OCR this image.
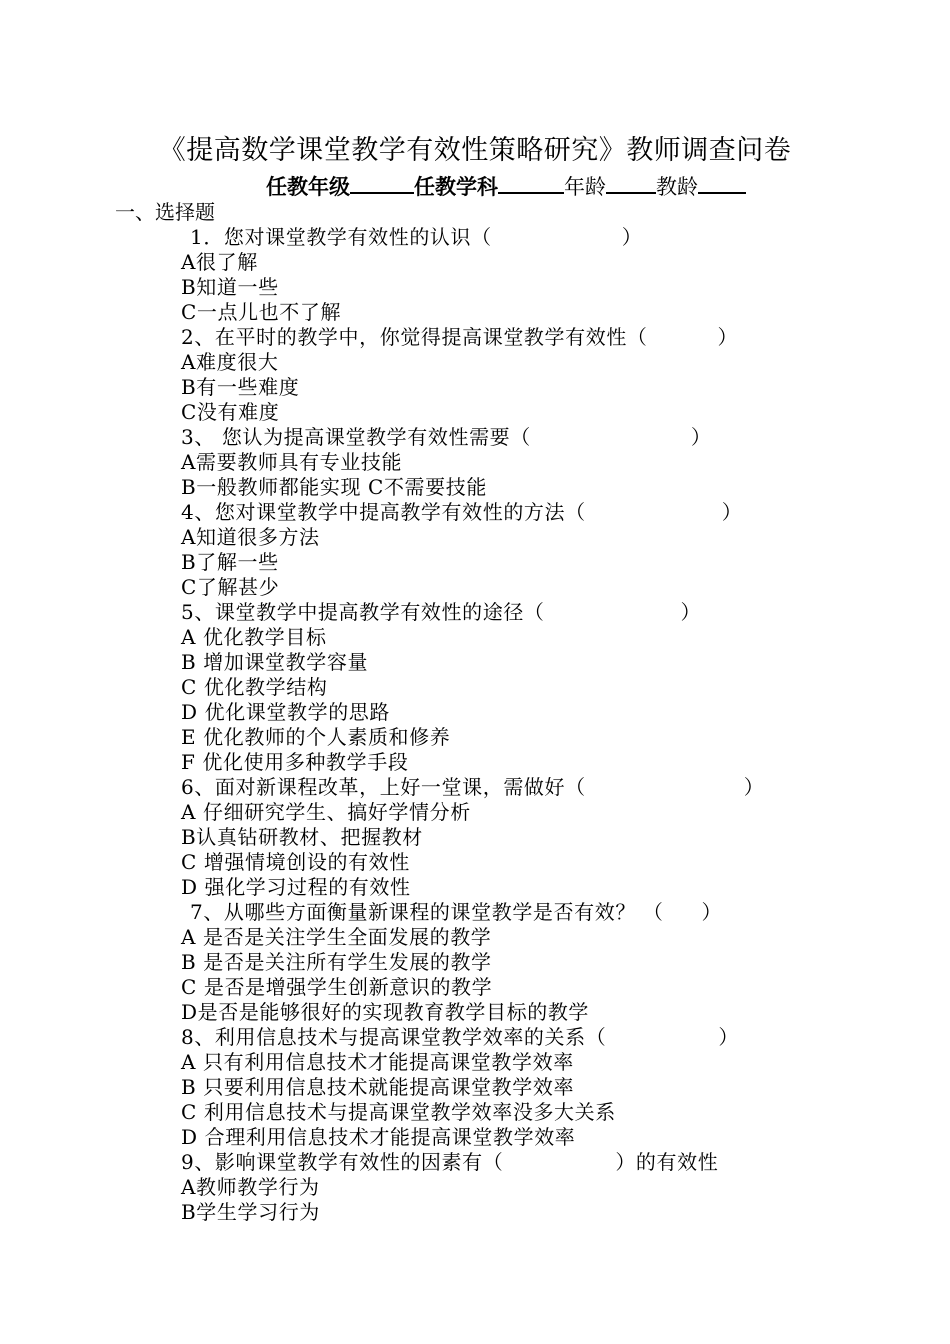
《提高数学课堂教学有效性策略研究》教师调查问卷
任教年级	任教学科	年龄 教龄
一、选择题
1．您对课堂教学有效性的认识（	）
A很了解
B知道一些
C一点儿也不了解
2、在平时的教学中，你觉得提高课堂教学有效性（	）
A难度很大
B有一些难度
C没有难度
3、 您认为提高课堂教学有效性需要（	）
A需要教师具有专业技能
B一般教师都能实现 C不需要技能
4、您对课堂教学中提高教学有效性的方法（	）
A知道很多方法
B了解一些
C了解甚少
5、课堂教学中提高教学有效性的途径（	）
A 优化教学目标
B 增加课堂教学容量
C 优化教学结构
D 优化课堂教学的思路
E 优化教师的个人素质和修养
F 优化使用多种教学手段
6、面对新课程改革，上好一堂课，需做好（	）
A 仔细研究学生、搞好学情分析
B认真钻研教材、把握教材
C 增强情境创设的有效性
D 强化学习过程的有效性
7、从哪些方面衡量新课程的课堂教学是否有效？ （ ）
A 是否是关注学生全面发展的教学
B 是否是关注所有学生发展的教学
C 是否是增强学生创新意识的教学
D是否是能够很好的实现教育教学目标的教学
8、利用信息技术与提高课堂教学效率的关系（	）
A 只有利用信息技术才能提高课堂教学效率
B 只要利用信息技术就能提高课堂教学效率
C 利用信息技术与提高课堂教学效率没多大关系
D 合理利用信息技术才能提高课堂教学效率
9、影响课堂教学有效性的因素有（	）的有效性
A教师教学行为
B学生学习行为
